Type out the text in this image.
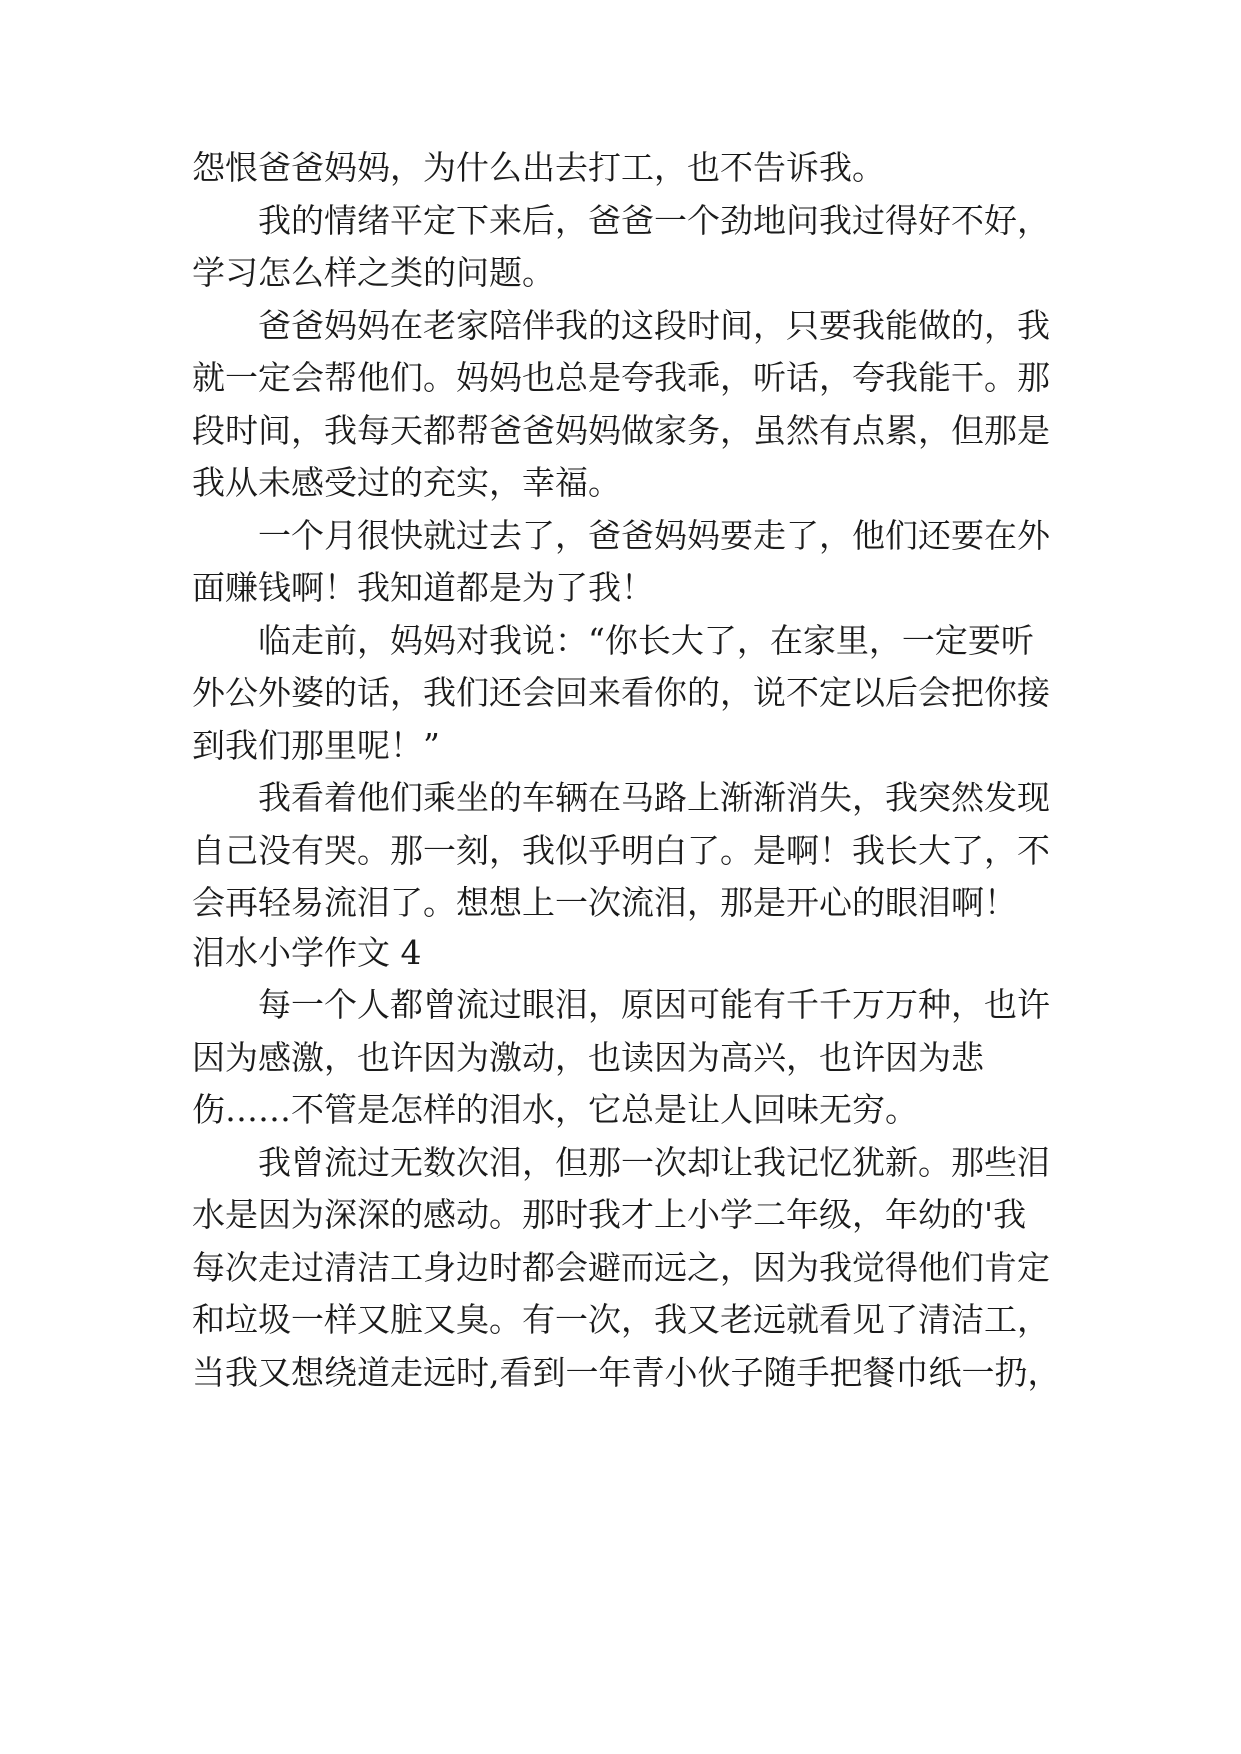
怨恨爸爸妈妈，为什么出去打工，也不告诉我。
我的情绪平定下来后，爸爸一个劲地问我过得好不好，
学习怎么样之类的问题。
爸爸妈妈在老家陪伴我的这段时间，只要我能做的，我
就一定会帮他们。妈妈也总是夸我乖，听话，夸我能干。那
段时间，我每天都帮爸爸妈妈做家务，虽然有点累，但那是
我从未感受过的充实，幸福。
一个月很快就过去了，爸爸妈妈要走了，他们还要在外
面赚钱啊！我知道都是为了我！
临走前，妈妈对我说：“你长大了，在家里，一定要听
外公外婆的话，我们还会回来看你的，说不定以后会把你接
到我们那里呢！”
我看着他们乘坐的车辆在马路上渐渐消失，我突然发现
自己没有哭。那一刻，我似乎明白了。是啊！我长大了，不
会再轻易流泪了。想想上一次流泪，那是开心的眼泪啊！
泪水小学作文 4
每一个人都曾流过眼泪，原因可能有千千万万种，也许
因为感激，也许因为激动，也读因为高兴，也许因为悲
伤……不管是怎样的泪水，它总是让人回味无穷。
我曾流过无数次泪，但那一次却让我记忆犹新。那些泪
水是因为深深的感动。那时我才上小学二年级，年幼的'我
每次走过清洁工身边时都会避而远之，因为我觉得他们肯定
和垃圾一样又脏又臭。有一次，我又老远就看见了清洁工，
当我又想绕道走远时,看到一年青小伙子随手把餐巾纸一扔，
